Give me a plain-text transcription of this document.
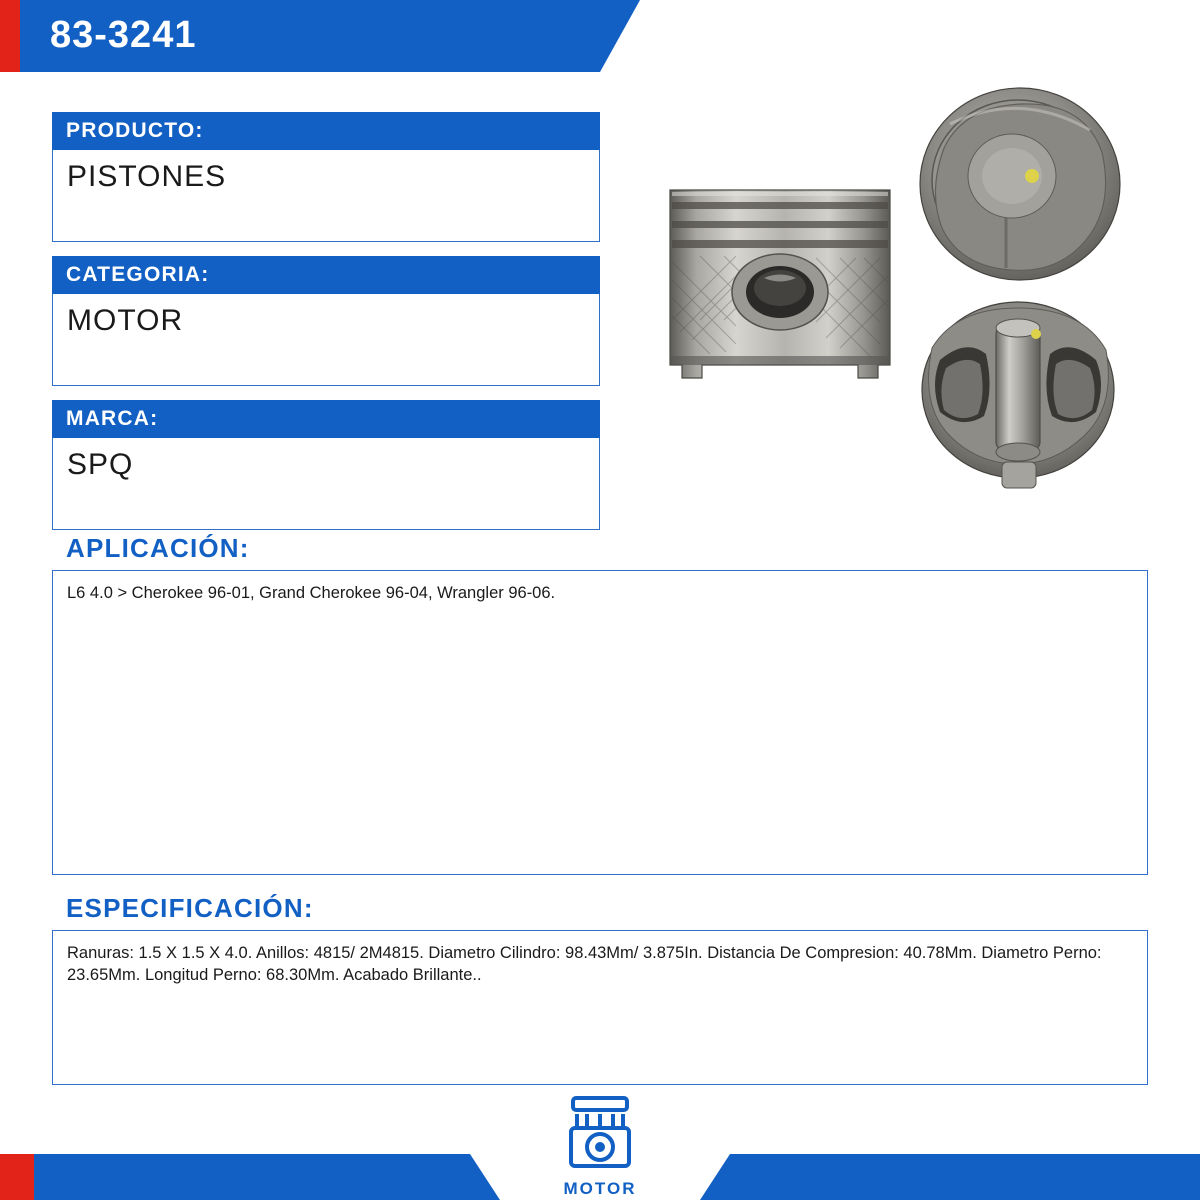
83-3241
PRODUCTO:
PISTONES
CATEGORIA:
MOTOR
MARCA:
SPQ
APLICACIÓN:
L6 4.0 > Cherokee 96-01, Grand Cherokee 96-04, Wrangler 96-06.
ESPECIFICACIÓN:
Ranuras: 1.5 X 1.5 X 4.0. Anillos: 4815/ 2M4815. Diametro Cilindro: 98.43Mm/ 3.875In. Distancia De Compresion: 40.78Mm. Diametro Perno: 23.65Mm. Longitud Perno: 68.30Mm. Acabado Brillante..
MOTOR
